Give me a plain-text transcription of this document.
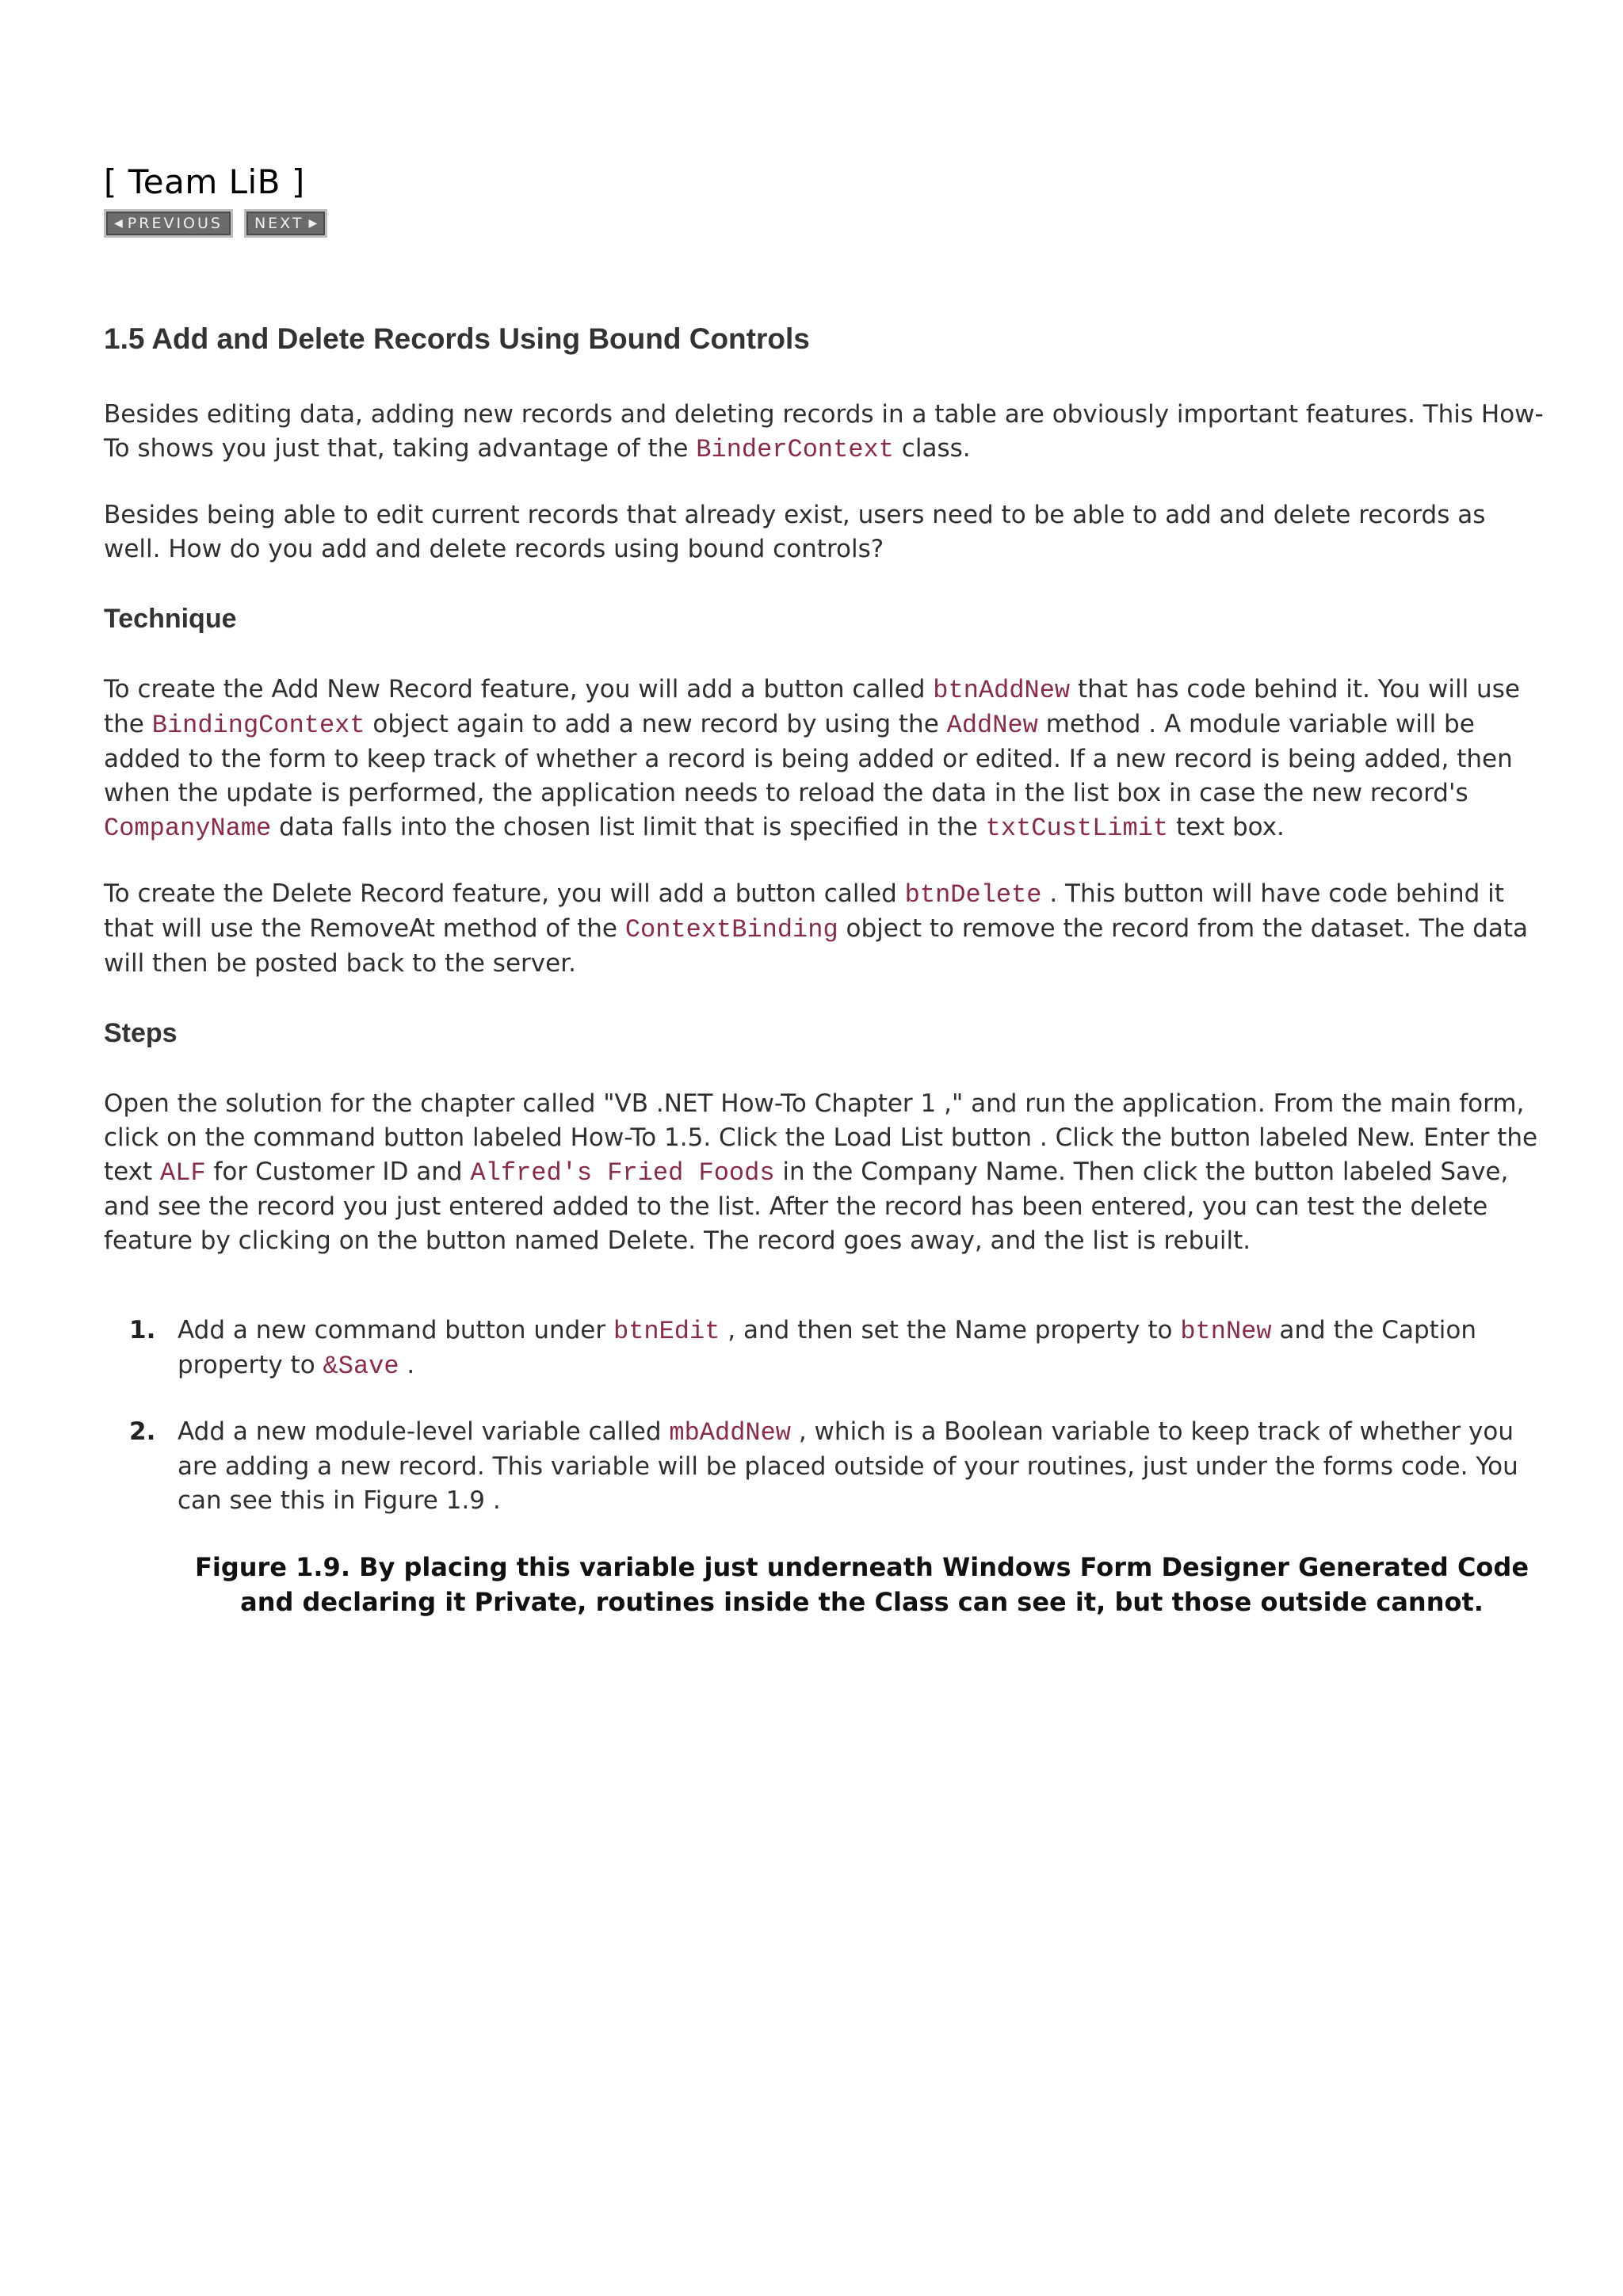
[ Team LiB ]
◀ PREVIOUS NEXT ▶
1.5 Add and Delete Records Using Bound Controls

Besides editing data, adding new records and deleting records in a table are obviously important features. This How-To shows you just that, taking advantage of the BinderContext class.

Besides being able to edit current records that already exist, users need to be able to add and delete records as well. How do you add and delete records using bound controls?

Technique

To create the Add New Record feature, you will add a button called btnAddNew that has code behind it. You will use the BindingContext object again to add a new record by using the AddNew method . A module variable will be added to the form to keep track of whether a record is being added or edited. If a new record is being added, then when the update is performed, the application needs to reload the data in the list box in case the new record's CompanyName data falls into the chosen list limit that is specified in the txtCustLimit text box.

To create the Delete Record feature, you will add a button called btnDelete . This button will have code behind it that will use the RemoveAt method of the ContextBinding object to remove the record from the dataset. The data will then be posted back to the server.

Steps

Open the solution for the chapter called "VB .NET How-To Chapter 1 ," and run the application. From the main form, click on the command button labeled How-To 1.5. Click the Load List button . Click the button labeled New. Enter the text ALF for Customer ID and Alfred's Fried Foods in the Company Name. Then click the button labeled Save, and see the record you just entered added to the list. After the record has been entered, you can test the delete feature by clicking on the button named Delete. The record goes away, and the list is rebuilt.

1. Add a new command button under btnEdit , and then set the Name property to btnNew and the Caption property to &Save .
2. Add a new module-level variable called mbAddNew , which is a Boolean variable to keep track of whether you are adding a new record. This variable will be placed outside of your routines, just under the forms code. You can see this in Figure 1.9 .
Figure 1.9. By placing this variable just underneath Windows Form Designer Generated Code and declaring it Private, routines inside the Class can see it, but those outside cannot.
